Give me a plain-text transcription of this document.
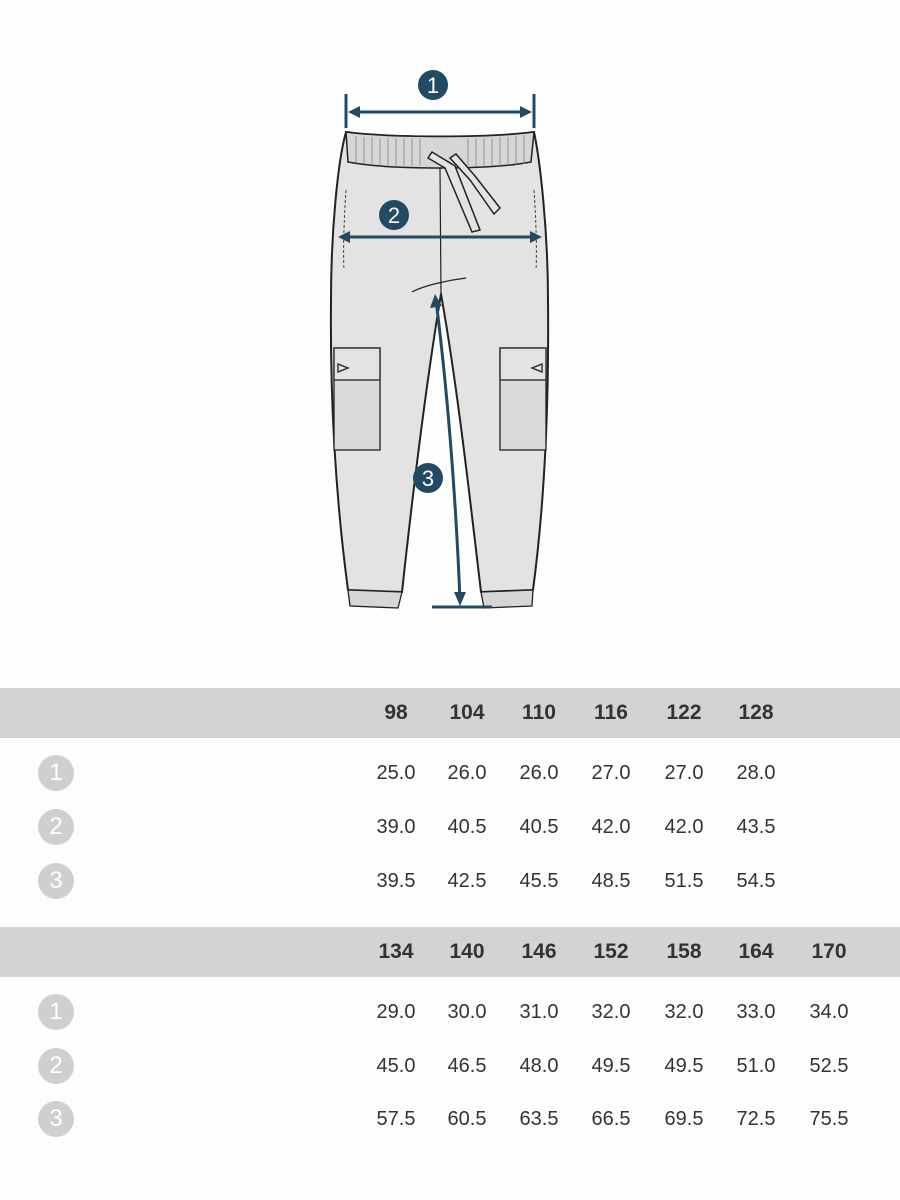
1
2
3
98	104	110	116	122	128
1	25.0	26.0	26.0	27.0	27.0	28.0
2	39.0	40.5	40.5	42.0	42.0	43.5
3	39.5	42.5	45.5	48.5	51.5	54.5
134	140	146	152	158	164	170
1	29.0	30.0	31.0	32.0	32.0	33.0	34.0
2	45.0	46.5	48.0	49.5	49.5	51.0	52.5
3	57.5	60.5	63.5	66.5	69.5	72.5	75.5
